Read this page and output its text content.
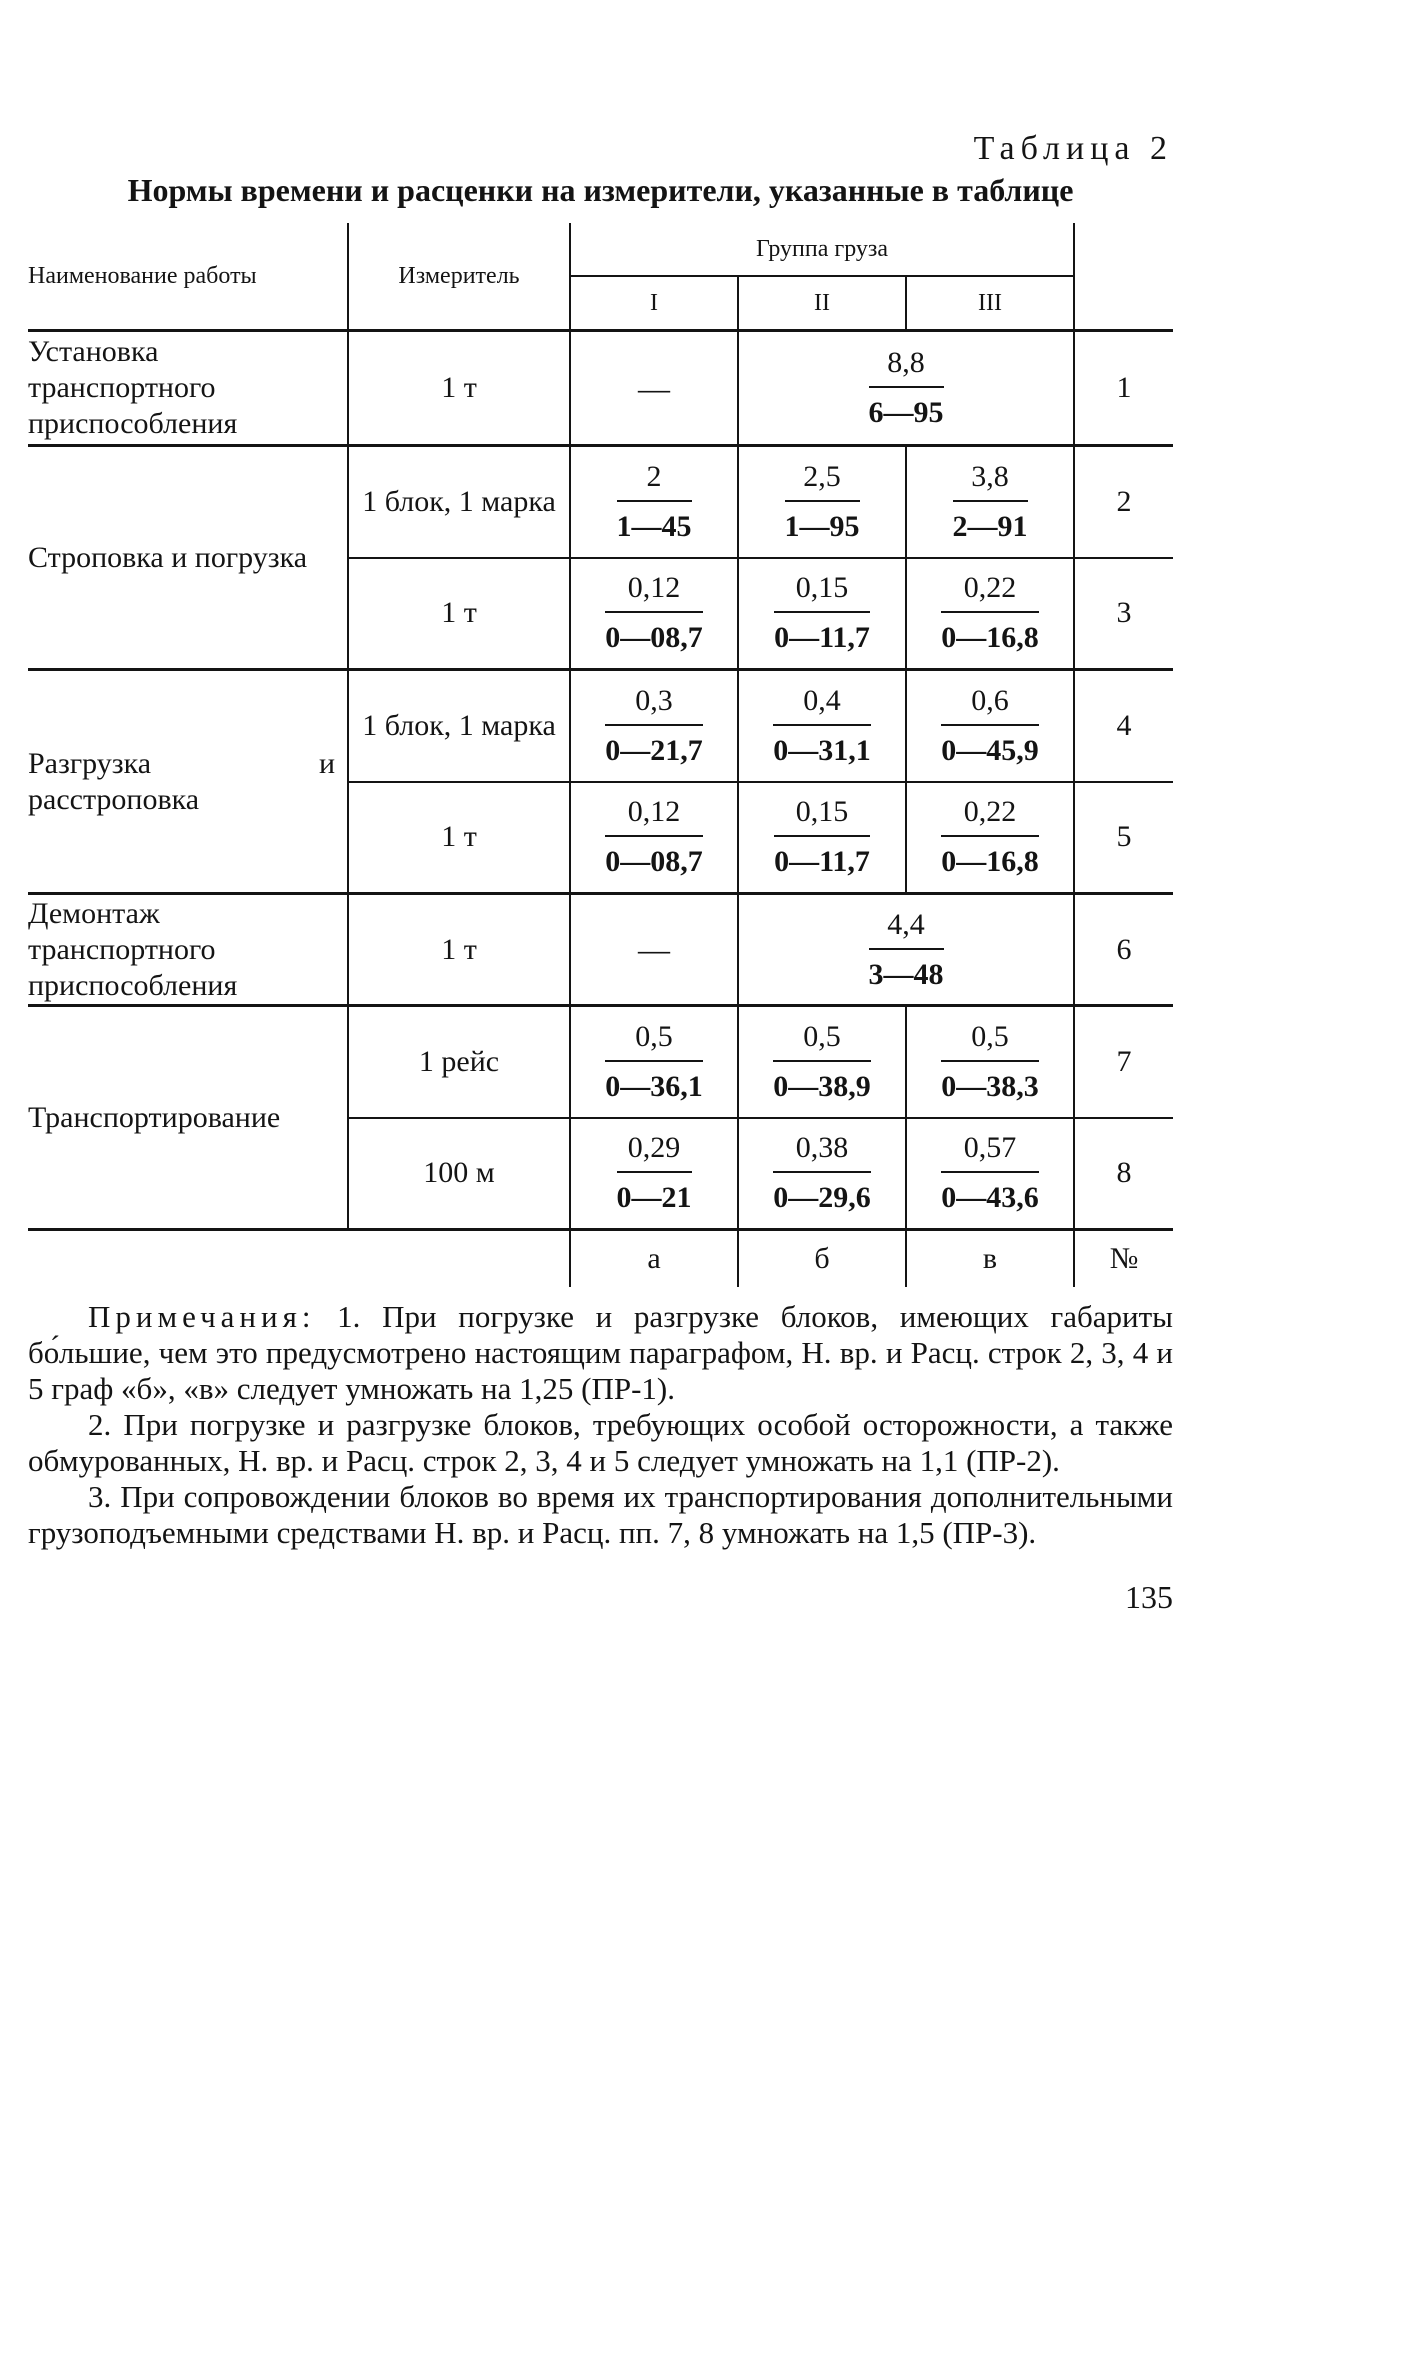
Таблица 2
Нормы времени и расценки на измерители, указанные в таблице
Наименование работы	Измеритель	Группа груза			
		I	II	III	
Установка транспортного приспособления	1 т	—	$\frac{8,8}{6—95}$		1
Строповка и погрузка	1 блок, 1 марка	$\frac{2}{1—45}$	$\frac{2,5}{1—95}$	$\frac{3,8}{2—91}$	2
	1 т	$\frac{0,12}{0—08,7}$	$\frac{0,15}{0—11,7}$	$\frac{0,22}{0—16,8}$	3
Разгрузка и расстроповка	1 блок, 1 марка	$\frac{0,3}{0—21,7}$	$\frac{0,4}{0—31,1}$	$\frac{0,6}{0—45,9}$	4
	1 т	$\frac{0,12}{0—08,7}$	$\frac{0,15}{0—11,7}$	$\frac{0,22}{0—16,8}$	5
Демонтаж транспортного приспособления	1 т	—	$\frac{4,4}{3—48}$		6
Транспортирование	1 рейс	$\frac{0,5}{0—36,1}$	$\frac{0,5}{0—38,9}$	$\frac{0,5}{0—38,3}$	7
	100 м	$\frac{0,29}{0—21}$	$\frac{0,38}{0—29,6}$	$\frac{0,57}{0—43,6}$	8
		а	б	в	№

Примечания: 1. При погрузке и разгрузке блоков, имеющих габариты бо́льшие, чем это предусмотрено настоящим параграфом, Н. вр. и Расц. строк 2, 3, 4 и 5 граф «б», «в» следует умножать на 1,25 (ПР-1).

2. При погрузке и разгрузке блоков, требующих особой осторожности, а также обмурованных, Н. вр. и Расц. строк 2, 3, 4 и 5 следует умножать на 1,1 (ПР-2).

3. При сопровождении блоков во время их транспортирования дополнительными грузоподъемными средствами Н. вр. и Расц. пп. 7, 8 умножать на 1,5 (ПР-3).

135
